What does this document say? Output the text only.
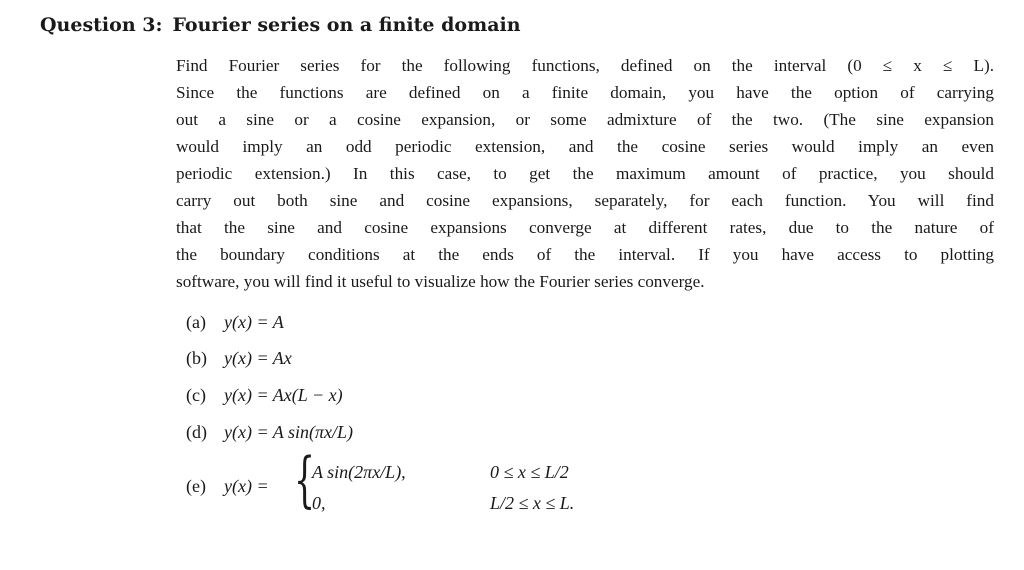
Question 3: Fourier series on a finite domain
Find Fourier series for the following functions, defined on the interval (0 ≤ x ≤ L).
Since the functions are defined on a finite domain, you have the option of carrying
out a sine or a cosine expansion, or some admixture of the two. (The sine expansion
would imply an odd periodic extension, and the cosine series would imply an even
periodic extension.) In this case, to get the maximum amount of practice, you should
carry out both sine and cosine expansions, separately, for each function. You will find
that the sine and cosine expansions converge at different rates, due to the nature of
the boundary conditions at the ends of the interval. If you have access to plotting
software, you will find it useful to visualize how the Fourier series converge.
(a) y(x) = A
(b) y(x) = Ax
(c) y(x) = Ax(L − x)
(d) y(x) = A sin(πx/L)
(e) y(x) = {
A sin(2πx/L),	0 ≤ x ≤ L/2
0,	L/2 ≤ x ≤ L.
